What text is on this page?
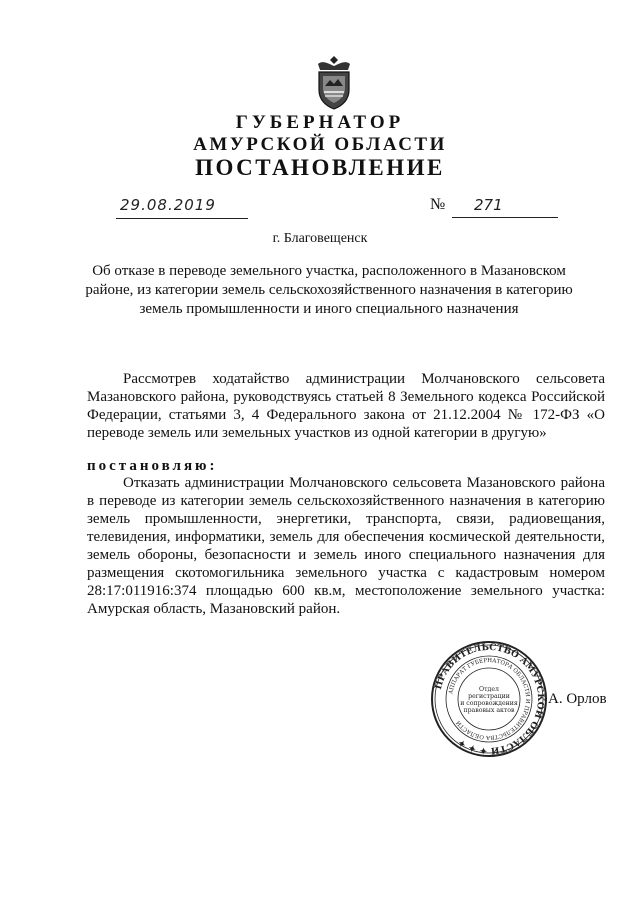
ГУБЕРНАТОР
АМУРСКОЙ ОБЛАСТИ
ПОСТАНОВЛЕНИЕ
29.08.2019	№	271
г. Благовещенск
Об отказе в переводе земельного участка, расположенного в Мазановском районе, из категории земель сельскохозяйственного назначения в категорию земель промышленности и иного специального назначения
Рассмотрев ходатайство администрации Молчановского сельсовета Мазановского района, руководствуясь статьей 8 Земельного кодекса Российской Федерации, статьями 3, 4 Федерального закона от 21.12.2004 № 172-ФЗ «О переводе земель или земельных участков из одной категории в другую»
постановляю:
Отказать администрации Молчановского сельсовета Мазановского района в переводе из категории земель сельскохозяйственного назначения в категорию земель промышленности, энергетики, транспорта, связи, радиовещания, телевидения, информатики, земель для обеспечения космической деятельности, земель обороны, безопасности и земель иного специального назначения для размещения скотомогильника земельного участка с кадастровым номером 28:17:011916:374 площадью 600 кв.м, местоположение земельного участка: Амурская область, Мазановский район.
ПРАВИТЕЛЬСТВО АМУРСКОЙ ОБЛАСТИ ✦ ✦ ✦
АППАРАТ ГУБЕРНАТОРА ОБЛАСТИ И ПРАВИТЕЛЬСТВА ОБЛАСТИ
Отдел
регистрации
и сопровождения
правовых актов
А. Орлов
